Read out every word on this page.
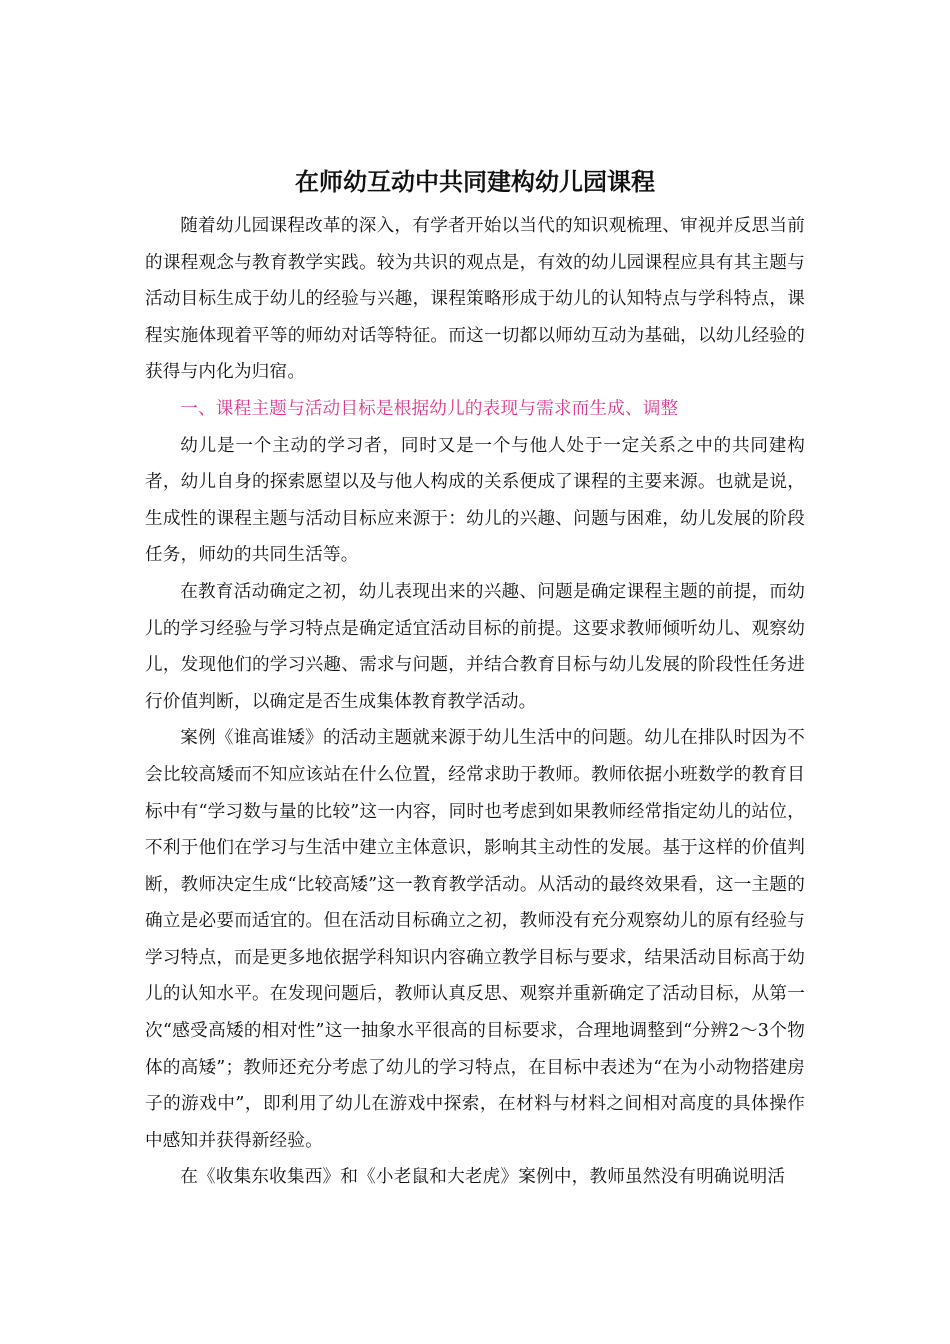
在师幼互动中共同建构幼儿园课程

随着幼儿园课程改革的深入，有学者开始以当代的知识观梳理、审视并反思当前的课程观念与教育教学实践。较为共识的观点是，有效的幼儿园课程应具有其主题与活动目标生成于幼儿的经验与兴趣，课程策略形成于幼儿的认知特点与学科特点，课程实施体现着平等的师幼对话等特征。而这一切都以师幼互动为基础，以幼儿经验的获得与内化为归宿。

一、课程主题与活动目标是根据幼儿的表现与需求而生成、调整

幼儿是一个主动的学习者，同时又是一个与他人处于一定关系之中的共同建构者，幼儿自身的探索愿望以及与他人构成的关系便成了课程的主要来源。也就是说，生成性的课程主题与活动目标应来源于：幼儿的兴趣、问题与困难，幼儿发展的阶段任务，师幼的共同生活等。

在教育活动确定之初，幼儿表现出来的兴趣、问题是确定课程主题的前提，而幼儿的学习经验与学习特点是确定适宜活动目标的前提。这要求教师倾听幼儿、观察幼儿，发现他们的学习兴趣、需求与问题，并结合教育目标与幼儿发展的阶段性任务进行价值判断，以确定是否生成集体教育教学活动。

案例《谁高谁矮》的活动主题就来源于幼儿生活中的问题。幼儿在排队时因为不会比较高矮而不知应该站在什么位置，经常求助于教师。教师依据小班数学的教育目标中有“学习数与量的比较”这一内容，同时也考虑到如果教师经常指定幼儿的站位，不利于他们在学习与生活中建立主体意识，影响其主动性的发展。基于这样的价值判断，教师决定生成“比较高矮”这一教育教学活动。从活动的最终效果看，这一主题的确立是必要而适宜的。但在活动目标确立之初，教师没有充分观察幼儿的原有经验与学习特点，而是更多地依据学科知识内容确立教学目标与要求，结果活动目标高于幼儿的认知水平。在发现问题后，教师认真反思、观察并重新确定了活动目标，从第一次“感受高矮的相对性”这一抽象水平很高的目标要求，合理地调整到“分辨2～3个物体的高矮”；教师还充分考虑了幼儿的学习特点，在目标中表述为“在为小动物搭建房子的游戏中”，即利用了幼儿在游戏中探索，在材料与材料之间相对高度的具体操作中感知并获得新经验。

在《收集东收集西》和《小老鼠和大老虎》案例中，教师虽然没有明确说明活
